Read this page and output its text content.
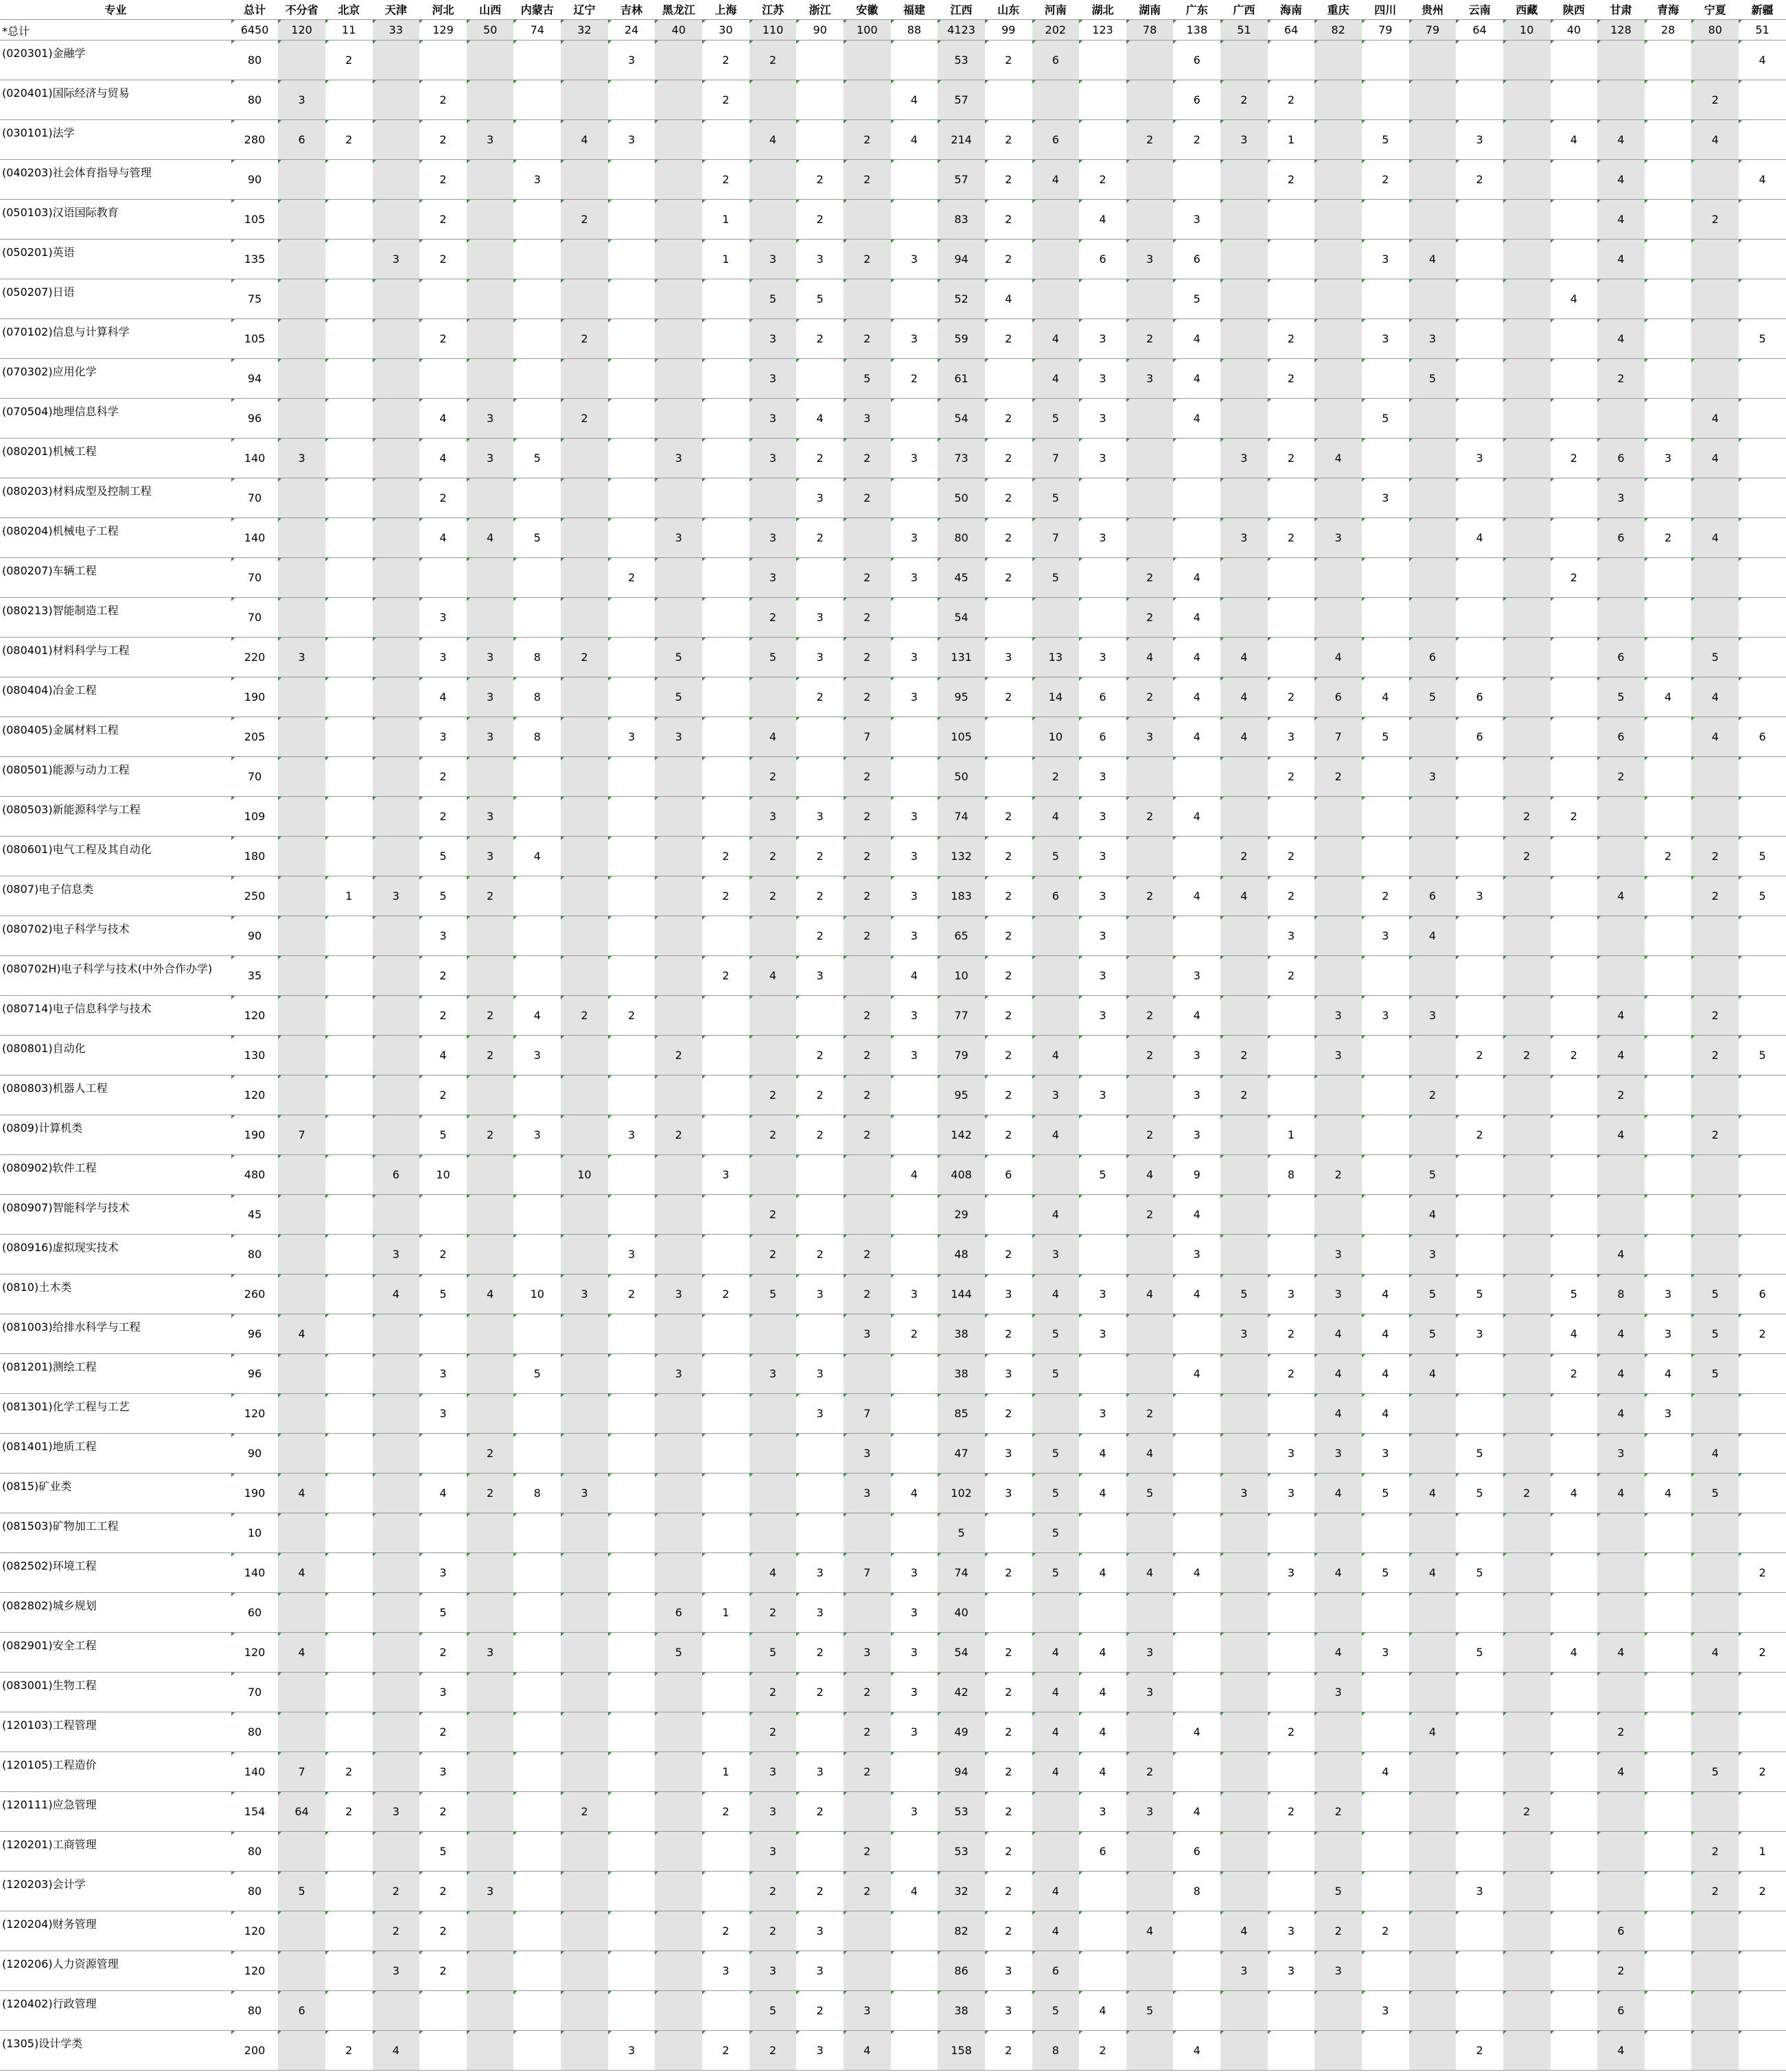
专业	总计	不分省	北京	天津	河北	山西	内蒙古	辽宁	吉林	黑龙江	上海	江苏	浙江	安徽	福建	江西	山东	河南	湖北	湖南	广东	广西	海南	重庆	四川	贵州	云南	西藏	陕西	甘肃	青海	宁夏	新疆
*总计	6450	120	11	33	129	50	74	32	24	40	30	110	90	100	88	4123	99	202	123	78	138	51	64	82	79	79	64	10	40	128	28	80	51
(020301)金融学	80		2						3		2	2				53	2	6			6												4
(020401)国际经济与贸易	80	3			2						2				4	57					6	2	2									2	
(030101)法学	280	6	2		2	3		4	3			4		2	4	214	2	6		2	2	3	1		5		3		4	4		4	
(040203)社会体育指导与管理	90				2		3				2		2	2		57	2	4	2				2		2		2			4			4
(050103)汉语国际教育	105				2			2			1		2			83	2		4		3									4		2	
(050201)英语	135			3	2						1	3	3	2	3	94	2		6	3	6				3	4				4			
(050207)日语	75											5	5			52	4				5								4				
(070102)信息与计算科学	105				2			2				3	2	2	3	59	2	4	3	2	4		2		3	3				4			5
(070302)应用化学	94											3		5	2	61		4	3	3	4		2			5				2			
(070504)地理信息科学	96				4	3		2				3	4	3		54	2	5	3		4				5							4	
(080201)机械工程	140	3			4	3	5			3		3	2	2	3	73	2	7	3			3	2	4			3		2	6	3	4	
(080203)材料成型及控制工程	70				2								3	2		50	2	5							3					3			
(080204)机械电子工程	140				4	4	5			3		3	2		3	80	2	7	3			3	2	3			4			6	2	4	
(080207)车辆工程	70								2			3		2	3	45	2	5		2	4								2				
(080213)智能制造工程	70				3							2	3	2		54				2	4												
(080401)材料科学与工程	220	3			3	3	8	2		5		5	3	2	3	131	3	13	3	4	4	4		4		6				6		5	
(080404)冶金工程	190				4	3	8			5			2	2	3	95	2	14	6	2	4	4	2	6	4	5	6			5	4	4	
(080405)金属材料工程	205				3	3	8		3	3		4		7		105		10	6	3	4	4	3	7	5		6			6		4	6
(080501)能源与动力工程	70				2							2		2		50		2	3				2	2		3				2			
(080503)新能源科学与工程	109				2	3						3	3	2	3	74	2	4	3	2	4							2	2				
(080601)电气工程及其自动化	180				5	3	4				2	2	2	2	3	132	2	5	3			2	2					2			2	2	5
(0807)电子信息类	250		1	3	5	2					2	2	2	2	3	183	2	6	3	2	4	4	2		2	6	3			4		2	5
(080702)电子科学与技术	90				3								2	2	3	65	2		3				3		3	4							
(080702H)电子科学与技术(中外合作办学)	35				2						2	4	3		4	10	2		3		3		2										
(080714)电子信息科学与技术	120				2	2	4	2	2					2	3	77	2		3	2	4			3	3	3				4		2	
(080801)自动化	130				4	2	3			2			2	2	3	79	2	4		2	3	2		3			2	2	2	4		2	5
(080803)机器人工程	120				2							2	2	2		95	2	3	3		3	2				2				2			
(0809)计算机类	190	7			5	2	3		3	2		2	2	2		142	2	4		2	3		1				2			4		2	
(080902)软件工程	480			6	10			10			3				4	408	6		5	4	9		8	2		5							
(080907)智能科学与技术	45											2				29		4		2	4					4							
(080916)虚拟现实技术	80			3	2				3			2	2	2		48	2	3			3			3		3				4			
(0810)土木类	260			4	5	4	10	3	2	3	2	5	3	2	3	144	3	4	3	4	4	5	3	3	4	5	5		5	8	3	5	6
(081003)给排水科学与工程	96	4												3	2	38	2	5	3			3	2	4	4	5	3		4	4	3	5	2
(081201)测绘工程	96				3		5			3		3	3			38	3	5			4		2	4	4	4			2	4	4	5	
(081301)化学工程与工艺	120				3								3	7		85	2		3	2				4	4					4	3		
(081401)地质工程	90					2								3		47	3	5	4	4			3	3	3		5			3		4	
(0815)矿业类	190	4			4	2	8	3						3	4	102	3	5	4	5		3	3	4	5	4	5	2	4	4	4	5	
(081503)矿物加工工程	10															5		5															
(082502)环境工程	140	4			3							4	3	7	3	74	2	5	4	4	4		3	4	5	4	5						2
(082802)城乡规划	60				5					6	1	2	3		3	40																	
(082901)安全工程	120	4			2	3				5		5	2	3	3	54	2	4	4	3				4	3		5		4	4		4	2
(083001)生物工程	70				3							2	2	2	3	42	2	4	4	3				3									
(120103)工程管理	80				2							2		2	3	49	2	4	4		4		2			4				2			
(120105)工程造价	140	7	2		3						1	3	3	2		94	2	4	4	2					4					4		5	2
(120111)应急管理	154	64	2	3	2			2			2	3	2		3	53	2		3	3	4		2	2				2					
(120201)工商管理	80				5							3		2		53	2		6		6											2	1
(120203)会计学	80	5		2	2	3						2	2	2	4	32	2	4			8			5			3					2	2
(120204)财务管理	120			2	2						2	2	3			82	2	4		4		4	3	2	2					6			
(120206)人力资源管理	120			3	2						3	3	3			86	3	6				3	3	3						2			
(120402)行政管理	80	6										5	2	3		38	3	5	4	5					3					6			
(1305)设计学类	200		2	4					3		2	2	3	4		158	2	8	2		4						2			4			
